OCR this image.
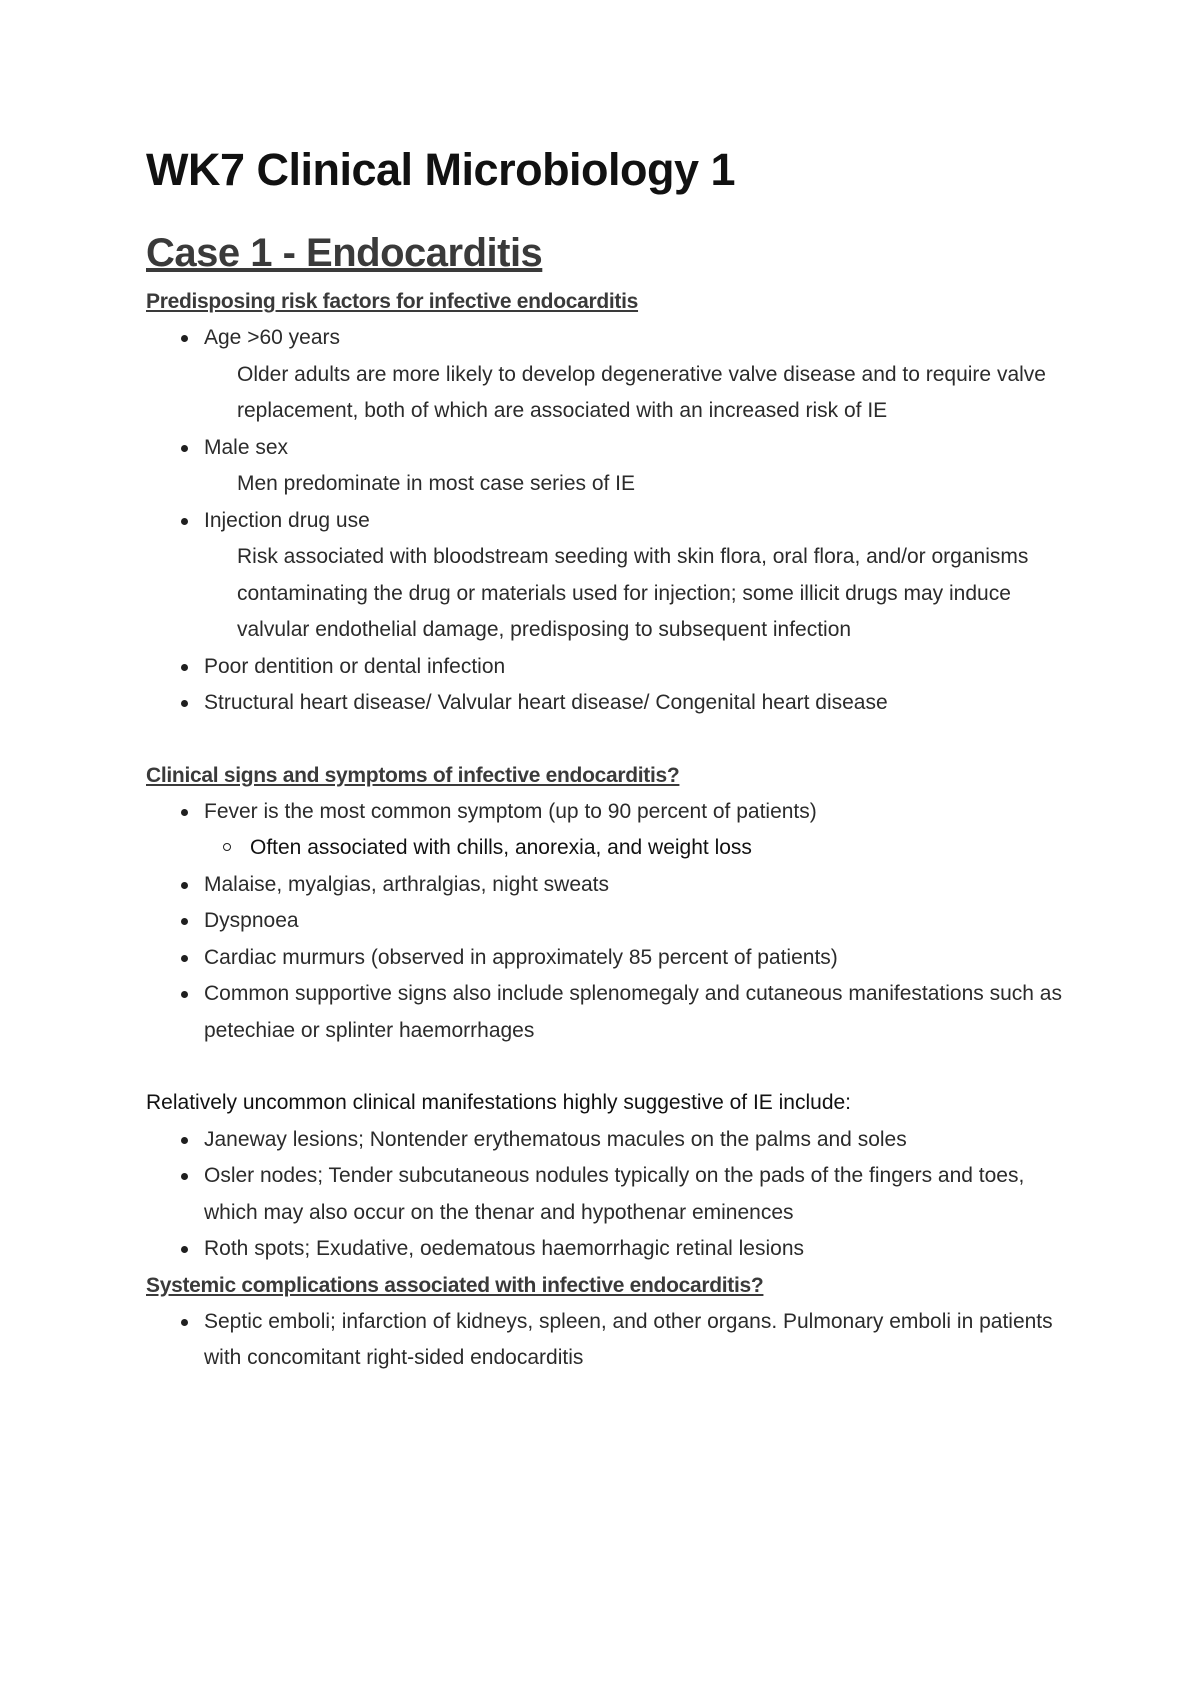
WK7 Clinical Microbiology 1
Case 1 - Endocarditis
Predisposing risk factors for infective endocarditis
Age >60 years
Older adults are more likely to develop degenerative valve disease and to require valve replacement, both of which are associated with an increased risk of IE
Male sex
Men predominate in most case series of IE
Injection drug use
Risk associated with bloodstream seeding with skin flora, oral flora, and/or organisms contaminating the drug or materials used for injection; some illicit drugs may induce valvular endothelial damage, predisposing to subsequent infection
Poor dentition or dental infection
Structural heart disease/ Valvular heart disease/ Congenital heart disease
Clinical signs and symptoms of infective endocarditis?
Fever is the most common symptom (up to 90 percent of patients)
Often associated with chills, anorexia, and weight loss
Malaise, myalgias, arthralgias, night sweats
Dyspnoea
Cardiac murmurs (observed in approximately 85 percent of patients)
Common supportive signs also include splenomegaly and cutaneous manifestations such as petechiae or splinter haemorrhages

Relatively uncommon clinical manifestations highly suggestive of IE include:

Janeway lesions; Nontender erythematous macules on the palms and soles
Osler nodes; Tender subcutaneous nodules typically on the pads of the fingers and toes, which may also occur on the thenar and hypothenar eminences
Roth spots; Exudative, oedematous haemorrhagic retinal lesions
Systemic complications associated with infective endocarditis?
Septic emboli; infarction of kidneys, spleen, and other organs. Pulmonary emboli in patients with concomitant right-sided endocarditis
